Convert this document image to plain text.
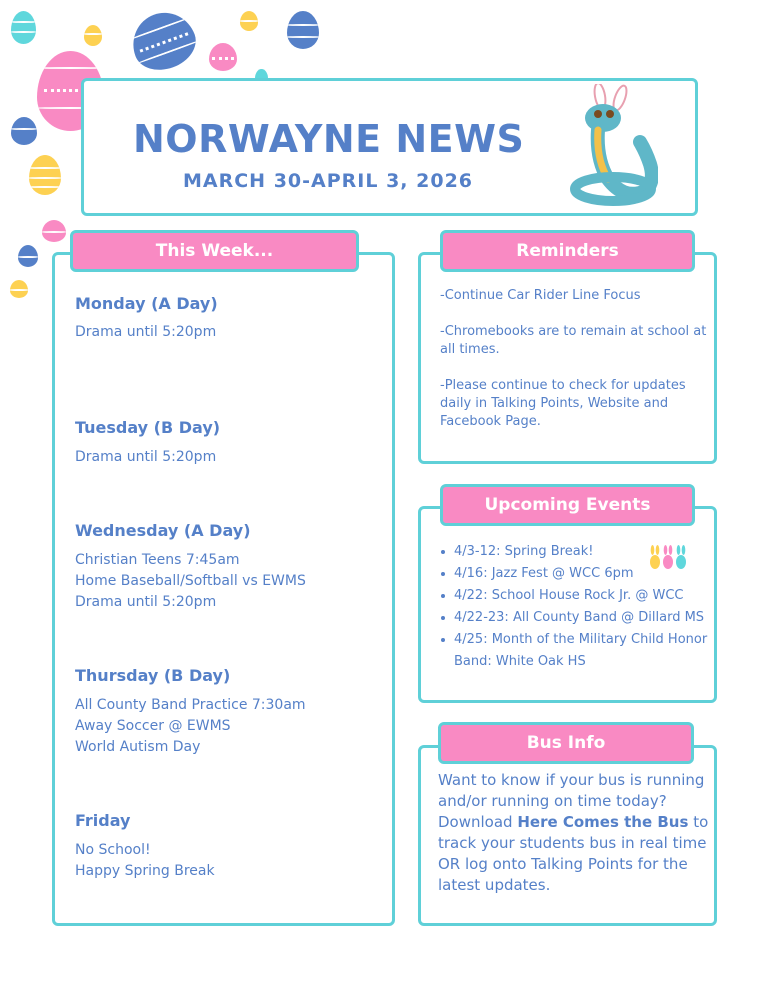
NORWAYNE NEWS
MARCH 30-APRIL 3, 2026
This Week...
Monday (A Day)
Drama until 5:20pm
Tuesday (B Day)
Drama until 5:20pm
Wednesday (A Day)
Christian Teens 7:45am
Home Baseball/Softball vs EWMS
Drama until 5:20pm
Thursday (B Day)
All County Band Practice 7:30am
Away Soccer @ EWMS
World Autism Day
Friday
No School!
Happy Spring Break
Reminders
-Continue Car Rider Line Focus
-Chromebooks are to remain at school at all times.
-Please continue to check for updates daily in Talking Points, Website and Facebook Page.
Upcoming Events
4/3-12: Spring Break!
4/16: Jazz Fest @ WCC 6pm
4/22: School House Rock Jr. @ WCC
4/22-23: All County Band @ Dillard MS
4/25: Month of the Military Child Honor Band: White Oak HS
Bus Info
Want to know if your bus is running and/or running on time today?
Download Here Comes the Bus to track your students bus in real time OR log onto Talking Points for the latest updates.
